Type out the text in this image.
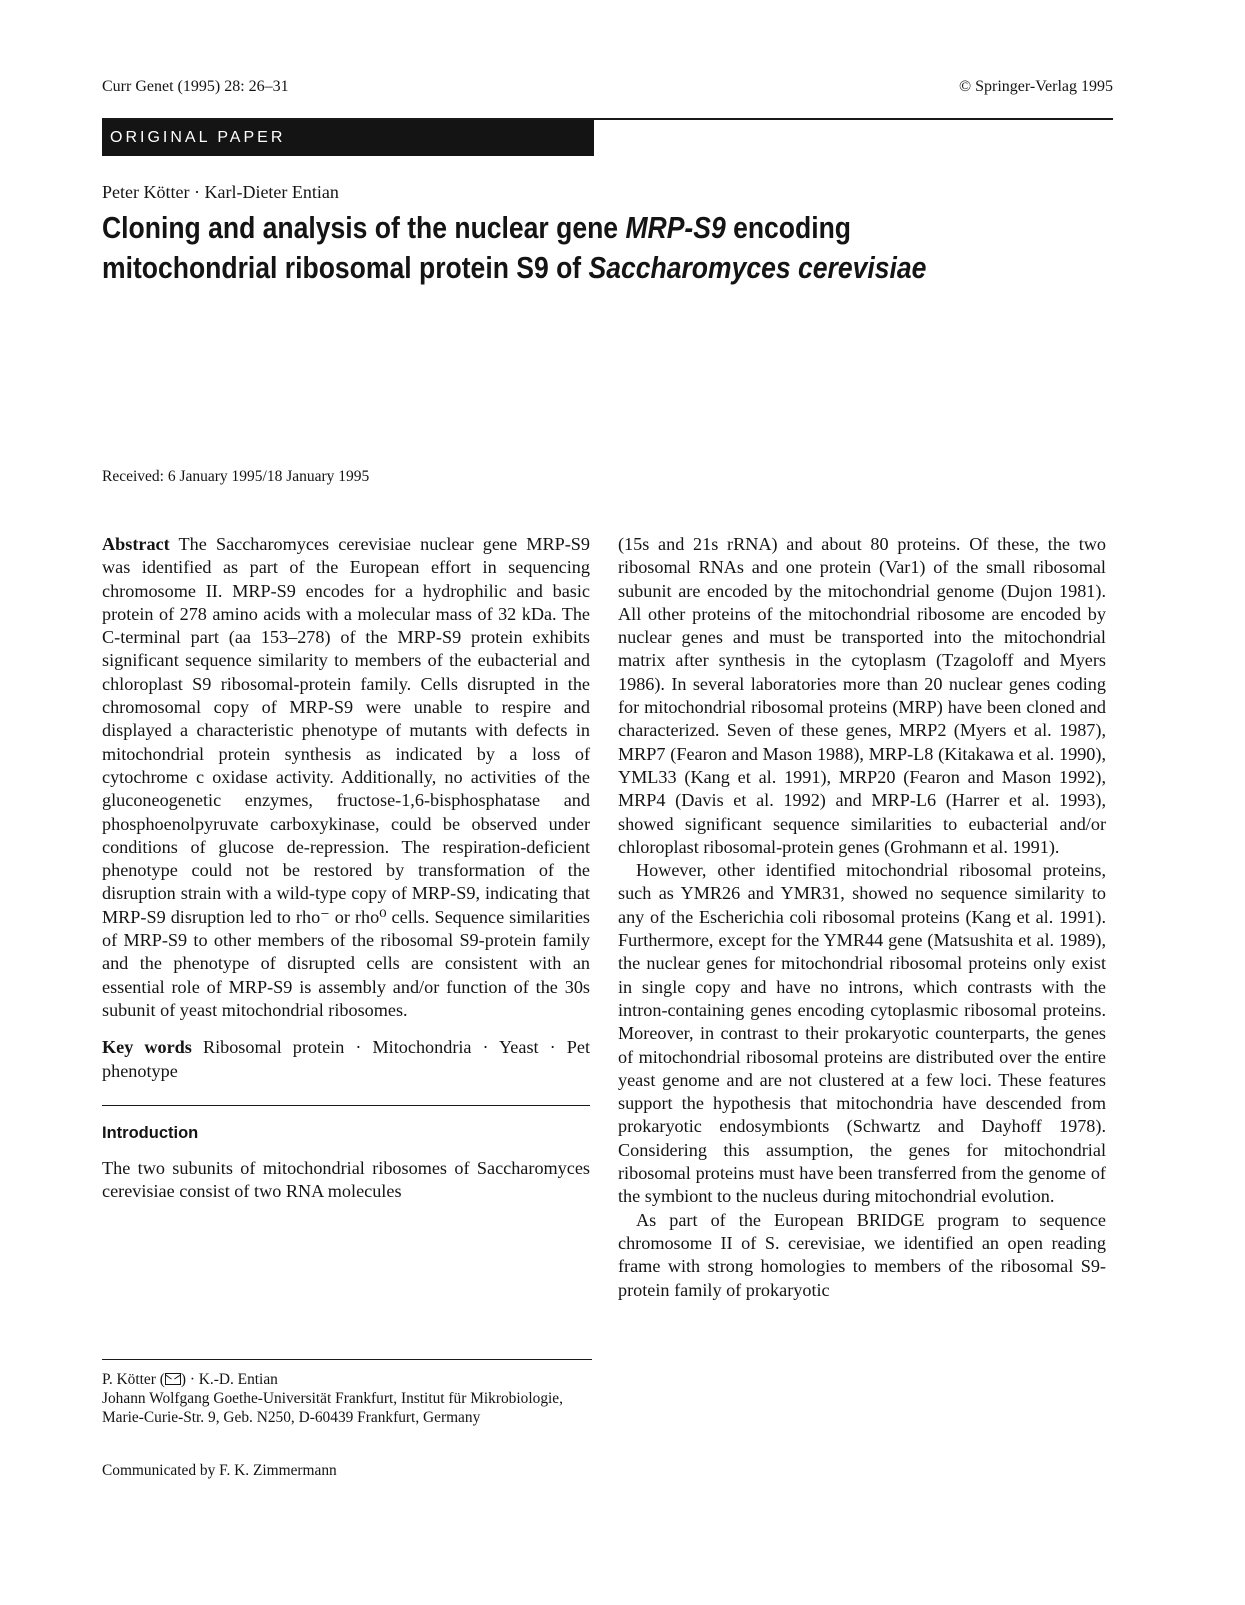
Curr Genet (1995) 28: 26–31	© Springer-Verlag 1995
ORIGINAL PAPER
Peter Kötter · Karl-Dieter Entian
Cloning and analysis of the nuclear gene MRP-S9 encoding mitochondrial ribosomal protein S9 of Saccharomyces cerevisiae
Received: 6 January 1995/18 January 1995

Abstract The Saccharomyces cerevisiae nuclear gene MRP-S9 was identified as part of the European effort in sequencing chromosome II. MRP-S9 encodes for a hydrophilic and basic protein of 278 amino acids with a molecular mass of 32 kDa. The C-terminal part (aa 153–278) of the MRP-S9 protein exhibits significant sequence similarity to members of the eubacterial and chloroplast S9 ribosomal-protein family. Cells disrupted in the chromosomal copy of MRP-S9 were unable to respire and displayed a characteristic phenotype of mutants with defects in mitochondrial protein synthesis as indicated by a loss of cytochrome c oxidase activity. Additionally, no activities of the gluconeogenetic enzymes, fructose-1,6-bisphosphatase and phosphoenolpyruvate carboxykinase, could be observed under conditions of glucose de-repression. The respiration-deficient phenotype could not be restored by transformation of the disruption strain with a wild-type copy of MRP-S9, indicating that MRP-S9 disruption led to rho⁻ or rho⁰ cells. Sequence similarities of MRP-S9 to other members of the ribosomal S9-protein family and the phenotype of disrupted cells are consistent with an essential role of MRP-S9 is assembly and/or function of the 30s subunit of yeast mitochondrial ribosomes.

Key words Ribosomal protein · Mitochondria · Yeast · Pet phenotype

Introduction

The two subunits of mitochondrial ribosomes of Saccharomyces cerevisiae consist of two RNA molecules

(15s and 21s rRNA) and about 80 proteins. Of these, the two ribosomal RNAs and one protein (Var1) of the small ribosomal subunit are encoded by the mitochondrial genome (Dujon 1981). All other proteins of the mitochondrial ribosome are encoded by nuclear genes and must be transported into the mitochondrial matrix after synthesis in the cytoplasm (Tzagoloff and Myers 1986). In several laboratories more than 20 nuclear genes coding for mitochondrial ribosomal proteins (MRP) have been cloned and characterized. Seven of these genes, MRP2 (Myers et al. 1987), MRP7 (Fearon and Mason 1988), MRP-L8 (Kitakawa et al. 1990), YML33 (Kang et al. 1991), MRP20 (Fearon and Mason 1992), MRP4 (Davis et al. 1992) and MRP-L6 (Harrer et al. 1993), showed significant sequence similarities to eubacterial and/or chloroplast ribosomal-protein genes (Grohmann et al. 1991).

However, other identified mitochondrial ribosomal proteins, such as YMR26 and YMR31, showed no sequence similarity to any of the Escherichia coli ribosomal proteins (Kang et al. 1991). Furthermore, except for the YMR44 gene (Matsushita et al. 1989), the nuclear genes for mitochondrial ribosomal proteins only exist in single copy and have no introns, which contrasts with the intron-containing genes encoding cytoplasmic ribosomal proteins. Moreover, in contrast to their prokaryotic counterparts, the genes of mitochondrial ribosomal proteins are distributed over the entire yeast genome and are not clustered at a few loci. These features support the hypothesis that mitochondria have descended from prokaryotic endosymbionts (Schwartz and Dayhoff 1978). Considering this assumption, the genes for mitochondrial ribosomal proteins must have been transferred from the genome of the symbiont to the nucleus during mitochondrial evolution.

As part of the European BRIDGE program to sequence chromosome II of S. cerevisiae, we identified an open reading frame with strong homologies to members of the ribosomal S9-protein family of prokaryotic

P. Kötter ( ) · K.-D. Entian
Johann Wolfgang Goethe-Universität Frankfurt, Institut für Mikrobiologie, Marie-Curie-Str. 9, Geb. N250, D-60439 Frankfurt, Germany
Communicated by F. K. Zimmermann
